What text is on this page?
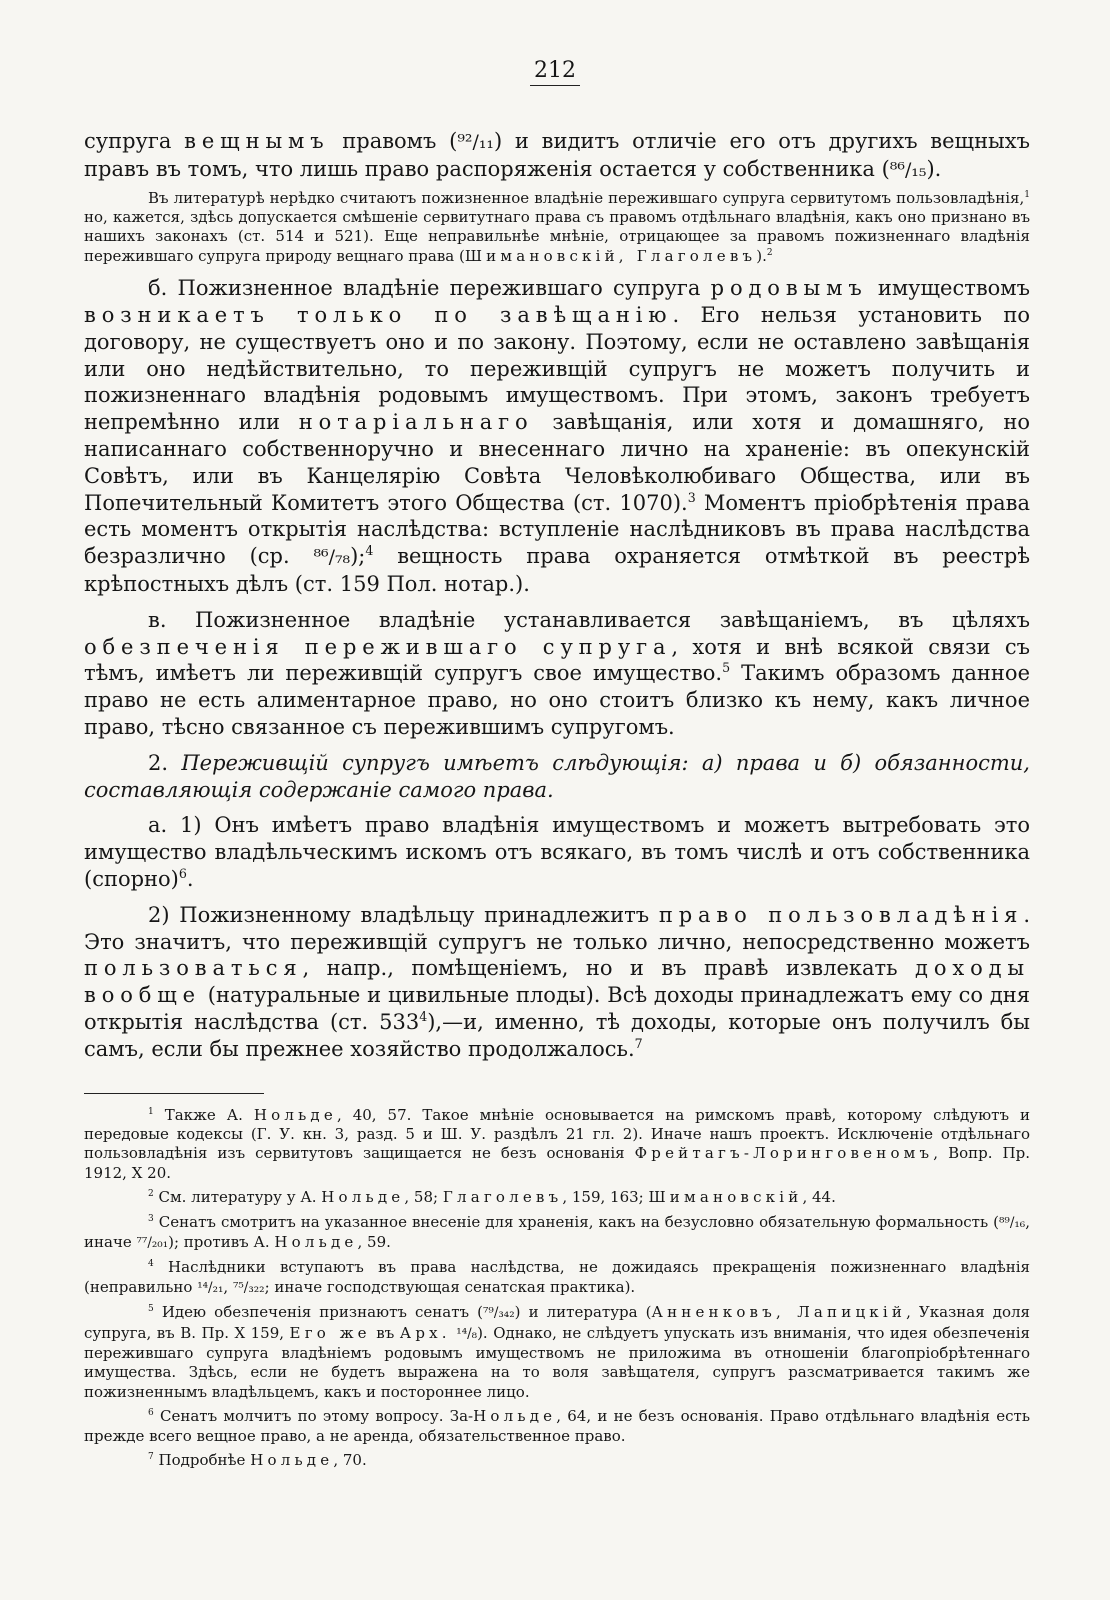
212

супруга вещнымъ правомъ (⁹²/₁₁) и видитъ отличіе его отъ другихъ вещныхъ правъ въ томъ, что лишь право распоряженія остается у собственника (⁸⁶/₁₅).

Въ литературѣ нерѣдко считаютъ пожизненное владѣніе пережившаго супруга сервитутомъ пользовладѣнія,$^1$ но, кажется, здѣсь допускается смѣшеніе сервитутнаго права съ правомъ отдѣльнаго владѣнія, какъ оно признано въ нашихъ законахъ (ст. 514 и 521). Еще неправильнѣе мнѣніе, отрицающее за правомъ пожизненнаго владѣнія пережившаго супруга природу вещнаго права (Шимановскій, Глаголевъ).$^2$

б. Пожизненное владѣніе пережившаго супруга родовымъ имуществомъ возникаетъ только по завѣщанію. Его нельзя установить по договору, не существуетъ оно и по закону. Поэтому, если не оставлено завѣщанія или оно недѣйствительно, то переживщій супругъ не можетъ получить и пожизненнаго владѣнія родовымъ имуществомъ. При этомъ, законъ требуетъ непремѣнно или нотаріальнаго завѣщанія, или хотя и домашняго, но написаннаго собственноручно и внесеннаго лично на храненіе: въ опекунскій Совѣтъ, или въ Канцелярію Совѣта Человѣколюбиваго Общества, или въ Попечительный Комитетъ этого Общества (ст. 1070).$^3$ Моментъ пріобрѣтенія права есть моментъ открытія наслѣдства: вступленіе наслѣдниковъ въ права наслѣдства безразлично (ср. ⁸⁶/₇₈);$^4$ вещность права охраняется отмѣткой въ реестрѣ крѣпостныхъ дѣлъ (ст. 159 Пол. нотар.).

в. Пожизненное владѣніе устанавливается завѣщаніемъ, въ цѣляхъ обезпеченія пережившаго супруга, хотя и внѣ всякой связи съ тѣмъ, имѣетъ ли переживщій супругъ свое имущество.$^5$ Такимъ образомъ данное право не есть алиментарное право, но оно стоитъ близко къ нему, какъ личное право, тѣсно связанное съ пережившимъ супругомъ.

2. Переживщій супругъ имѣетъ слѣдующія: а) права и б) обязанности, составляющія содержаніе самого права.

а. 1) Онъ имѣетъ право владѣнія имуществомъ и можетъ вытребовать это имущество владѣльческимъ искомъ отъ всякаго, въ томъ числѣ и отъ собственника (спорно)$^6$.

2) Пожизненному владѣльцу принадлежитъ право пользовладѣнія. Это значитъ, что переживщій супругъ не только лично, непосредственно можетъ пользоваться, напр., помѣщеніемъ, но и въ правѣ извлекать доходы вообще (натуральные и цивильные плоды). Всѣ доходы принадлежатъ ему со дня открытія наслѣдства (ст. $533^4),—и$, именно, тѣ доходы, которые онъ получилъ бы самъ, если бы прежнее хозяйство продолжалось.$^7$

$^1$ Также А. Нольде, 40, 57. Такое мнѣніе основывается на римскомъ правѣ, которому слѣдуютъ и передовые кодексы (Г. У. кн. 3, разд. 5 и Ш. У. раздѣлъ 21 гл. 2). Иначе нашъ проектъ. Исключеніе отдѣльнаго пользовладѣнія изъ сервитутовъ защищается не безъ основанія Фрейтагъ-Лоринговеномъ, Вопр. Пр. 1912, X 20.

$^2$ См. литературу у А. Нольде, 58; Глаголевъ, 159, 163; Шимановскій, 44.

$^3$ Сенатъ смотритъ на указанное внесеніе для храненія, какъ на безусловно обязательную формальность (⁸⁹/₁₆, иначе ⁷⁷/₂₀₁); противъ А. Нольде, 59.

$^4$ Наслѣдники вступаютъ въ права наслѣдства, не дожидаясь прекращенія пожизненнаго владѣнія (неправильно ¹⁴/₂₁, ⁷⁵/₃₂₂; иначе господствующая сенатская практика).

$^5$ Идею обезпеченія признаютъ сенатъ (⁷⁹/₃₄₂) и литература (Анненковъ, Лапицкій, Указная доля супруга, въ В. Пр. X 159, Его же въ Арх. ¹⁴/₈). Однако, не слѣдуетъ упускать изъ вниманія, что идея обезпеченія пережившаго супруга владѣніемъ родовымъ имуществомъ не приложима въ отношеніи благопріобрѣтеннаго имущества. Здѣсь, если не будетъ выражена на то воля завѣщателя, супругъ разсматривается такимъ же пожизненнымъ владѣльцемъ, какъ и постороннее лицо.

$^6$ Сенатъ молчитъ по этому вопросу. За-Нольде, 64, и не безъ основанія. Право отдѣльнаго владѣнія есть прежде всего вещное право, а не аренда, обязательственное право.

$^7$ Подробнѣе Нольде, 70.
